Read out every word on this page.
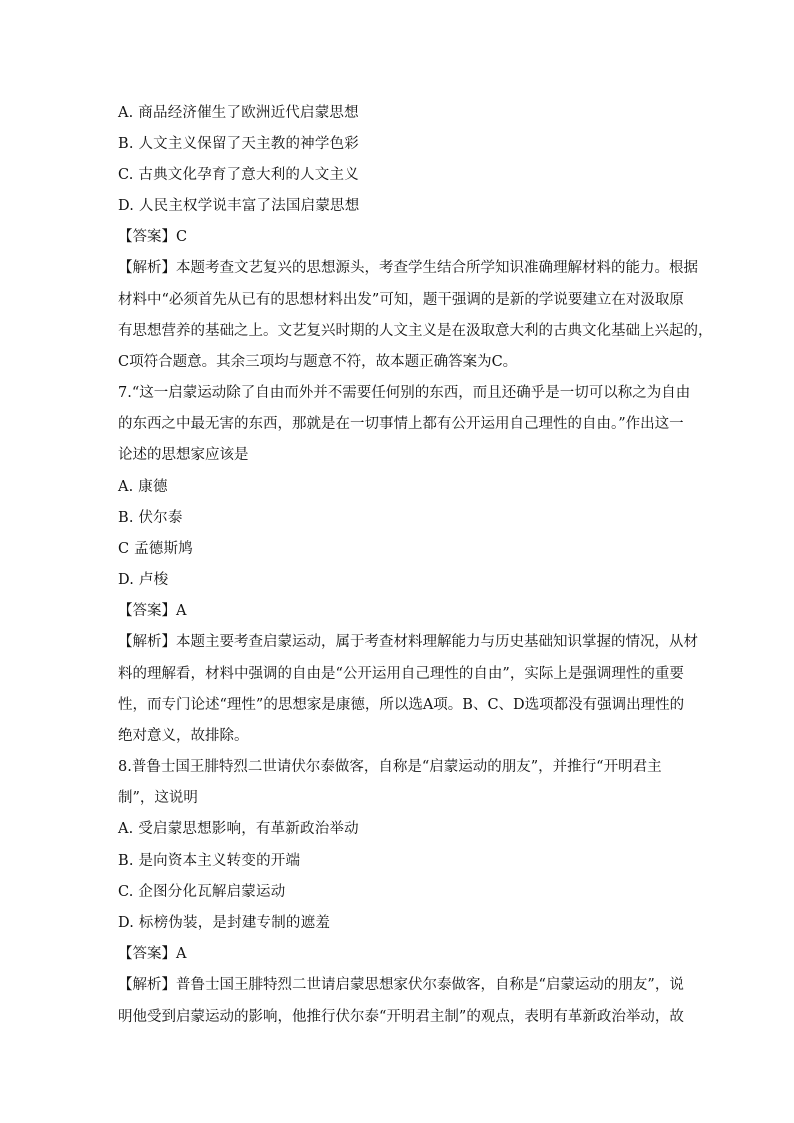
A. 商品经济催生了欧洲近代启蒙思想
B. 人文主义保留了天主教的神学色彩
C. 古典文化孕育了意大利的人文主义
D. 人民主权学说丰富了法国启蒙思想
【答案】C
【解析】本题考查文艺复兴的思想源头，考查学生结合所学知识准确理解材料的能力。根据
材料中“必须首先从已有的思想材料出发”可知，题干强调的是新的学说要建立在对汲取原
有思想营养的基础之上。文艺复兴时期的人文主义是在汲取意大利的古典文化基础上兴起的，
C项符合题意。其余三项均与题意不符，故本题正确答案为C。
7.“这一启蒙运动除了自由而外并不需要任何别的东西，而且还确乎是一切可以称之为自由
的东西之中最无害的东西，那就是在一切事情上都有公开运用自己理性的自由。”作出这一
论述的思想家应该是
A. 康德
B. 伏尔泰
C 孟德斯鸠
D. 卢梭
【答案】A
【解析】本题主要考查启蒙运动，属于考查材料理解能力与历史基础知识掌握的情况，从材
料的理解看，材料中强调的自由是“公开运用自己理性的自由”，实际上是强调理性的重要
性，而专门论述“理性”的思想家是康德，所以选A项。B、C、D选项都没有强调出理性的
绝对意义，故排除。
8.普鲁士国王腓特烈二世请伏尔泰做客，自称是“启蒙运动的朋友”，并推行“开明君主
制”，这说明
A. 受启蒙思想影响，有革新政治举动
B. 是向资本主义转变的开端
C. 企图分化瓦解启蒙运动
D. 标榜伪装，是封建专制的遮羞
【答案】A
【解析】普鲁士国王腓特烈二世请启蒙思想家伏尔泰做客，自称是“启蒙运动的朋友”，说
明他受到启蒙运动的影响，他推行伏尔泰“开明君主制”的观点，表明有革新政治举动，故
